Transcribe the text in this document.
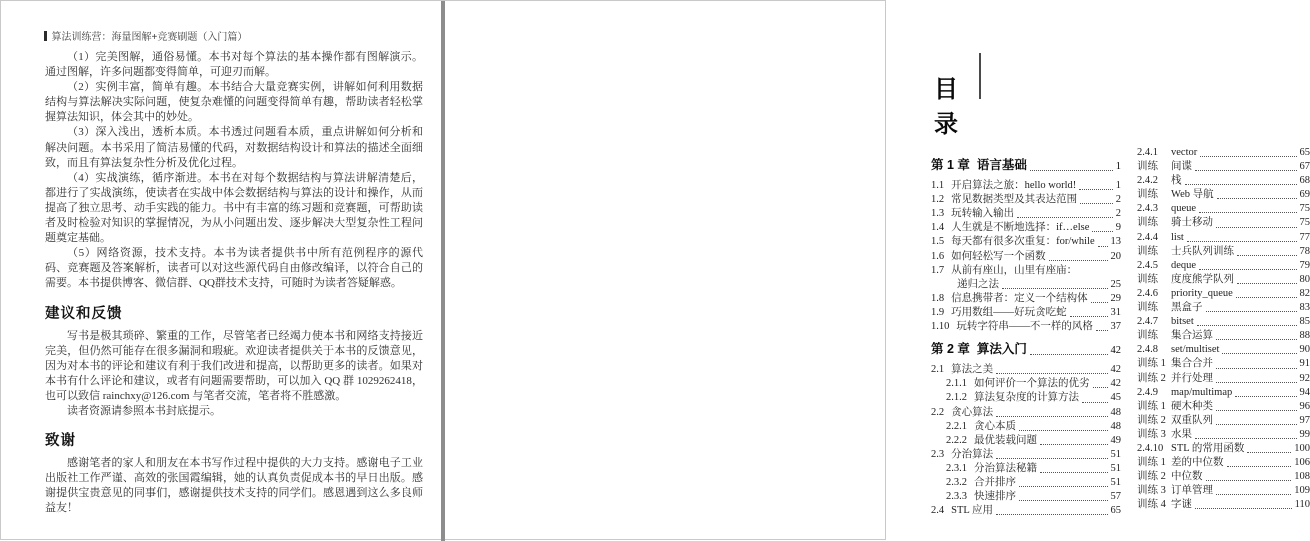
算法训练营：海量图解+竞赛刷题（入门篇）

（1）完美图解，通俗易懂。本书对每个算法的基本操作都有图解演示。通过图解，许多问题都变得简单，可迎刃而解。

（2）实例丰富，简单有趣。本书结合大量竞赛实例，讲解如何利用数据结构与算法解决实际问题，使复杂难懂的问题变得简单有趣，帮助读者轻松掌握算法知识，体会其中的妙处。

（3）深入浅出，透析本质。本书透过问题看本质，重点讲解如何分析和解决问题。本书采用了简洁易懂的代码，对数据结构设计和算法的描述全面细致，而且有算法复杂性分析及优化过程。

（4）实战演练，循序渐进。本书在对每个数据结构与算法讲解清楚后，都进行了实战演练，使读者在实战中体会数据结构与算法的设计和操作，从而提高了独立思考、动手实践的能力。书中有丰富的练习题和竞赛题，可帮助读者及时检验对知识的掌握情况，为从小问题出发、逐步解决大型复杂性工程问题奠定基础。

（5）网络资源，技术支持。本书为读者提供书中所有范例程序的源代码、竞赛题及答案解析，读者可以对这些源代码自由修改编译，以符合自己的需要。本书提供博客、微信群、QQ群技术支持，可随时为读者答疑解惑。

建议和反馈

写书是极其琐碎、繁重的工作，尽管笔者已经竭力使本书和网络支持接近完美，但仍然可能存在很多漏洞和瑕疵。欢迎读者提供关于本书的反馈意见，因为对本书的评论和建议有利于我们改进和提高，以帮助更多的读者。如果对本书有什么评论和建议，或者有问题需要帮助，可以加入 QQ 群 1029262418，也可以致信 rainchxy@126.com 与笔者交流，笔者将不胜感激。

读者资源请参照本书封底提示。

致谢

感谢笔者的家人和朋友在本书写作过程中提供的大力支持。感谢电子工业出版社工作严谨、高效的张国霞编辑，她的认真负责促成本书的早日出版。感谢提供宝贵意见的同事们，感谢提供技术支持的同学们。感恩遇到这么多良师益友！

目录
第 1 章 语言基础	1
1.1 开启算法之旅：hello world!	1
1.2 常见数据类型及其表达范围	2
1.3 玩转输入输出	2
1.4 人生就是不断地选择：if…else	9
1.5 每天都有很多次重复：for/while 13
1.6 如何轻松写一个函数	20
1.7 从前有座山，山里有座庙：
递归之法	25
1.8 信息携带者：定义一个结构体 29
1.9 巧用数组——好玩贪吃蛇	31
1.10 玩转字符串——不一样的风格 37
第 2 章 算法入门	42
2.1 算法之美	42
2.1.1 如何评价一个算法的优劣 42
2.1.2 算法复杂度的计算方法	45
2.2 贪心算法	48
2.2.1 贪心本质	48
2.2.2 最优装载问题	49
2.3 分治算法	51
2.3.1 分治算法秘籍	51
2.3.2 合并排序	51
2.3.3 快速排序	57
2.4 STL 应用	65
2.4.1	vector	65
训练	间谍	67
2.4.2	栈	68
训练	Web 导航	69
2.4.3	queue	75
训练	骑士移动	75
2.4.4	list	77
训练	士兵队列训练	78
2.4.5	deque	79
训练	度度熊学队列	80
2.4.6	priority_queue	82
训练	黑盒子	83
2.4.7	bitset	85
训练	集合运算	88
2.4.8	set/multiset	90
训练 1 集合合并	91
训练 2 并行处理	92
2.4.9	map/multimap	94
训练 1 硬木种类	96
训练 2 双重队列	97
训练 3 水果	99
2.4.10 STL 的常用函数	100
训练 1 差的中位数	106
训练 2 中位数	108
训练 3 订单管理	109
训练 4 字谜	110
